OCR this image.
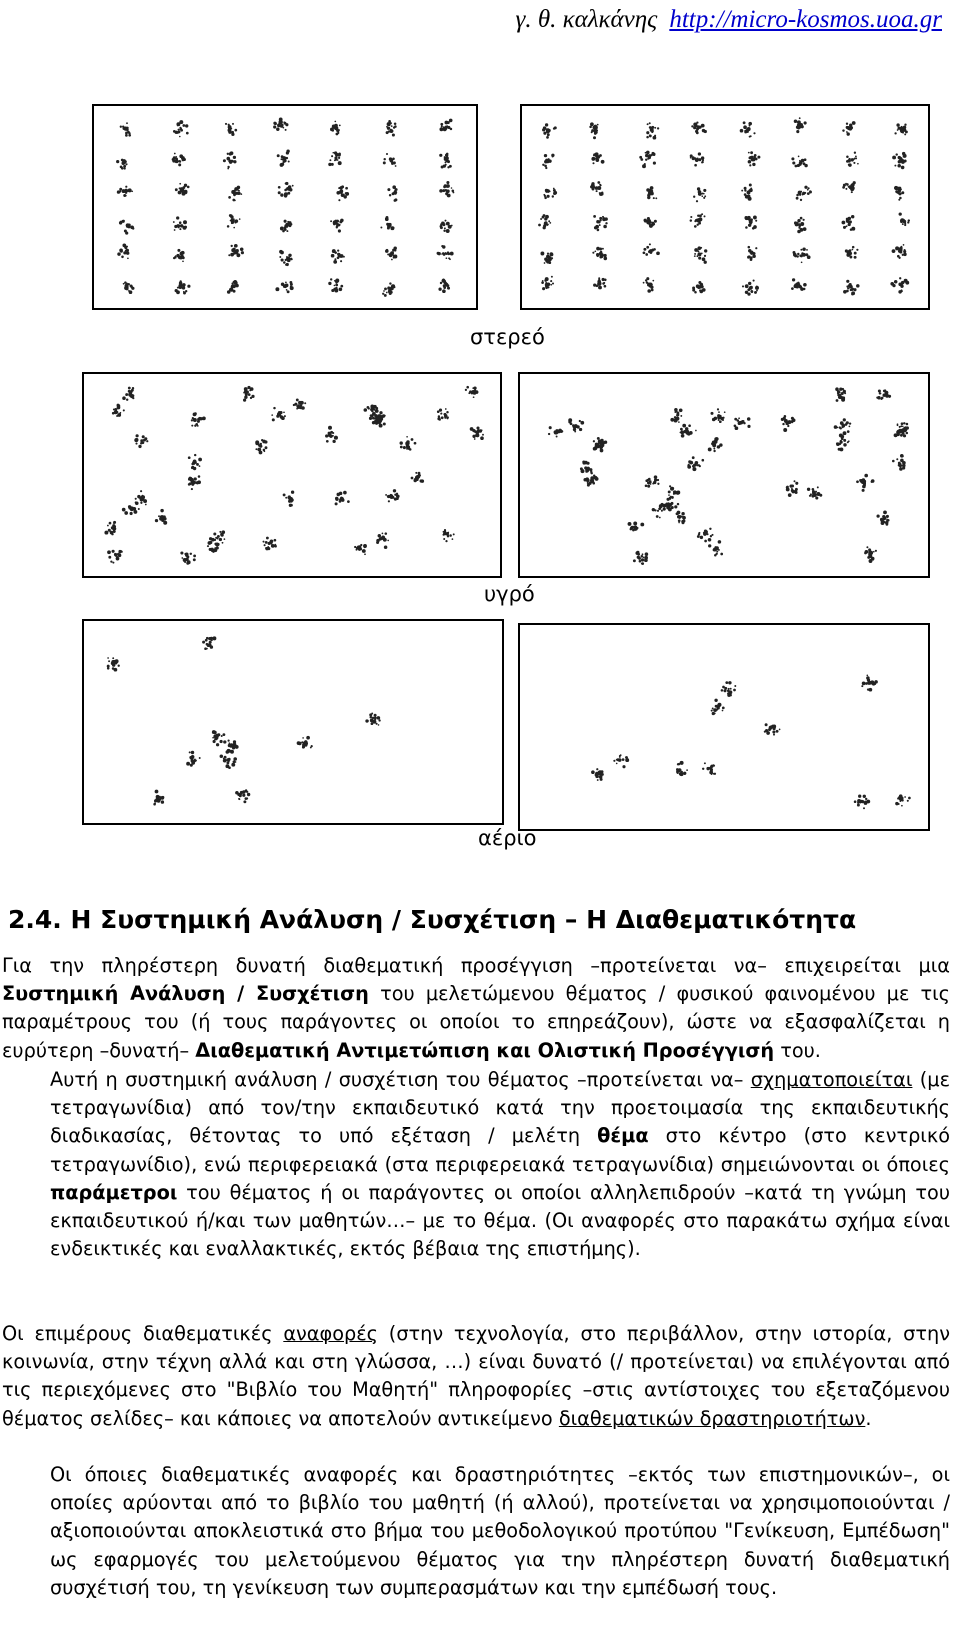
γ. θ. καλκάνης http://micro-kosmos.uoa.gr
στερεό
υγρό
αέριο
2.4. Η Συστημική Ανάλυση / Συσχέτιση – Η Διαθεματικότητα
Για την πληρέστερη δυνατή διαθεματική προσέγγιση –προτείνεται να– επιχειρείται μια Συστημική Ανάλυση / Συσχέτιση του μελετώμενου θέματος / φυσικού φαινομένου με τις παραμέτρους του (ή τους παράγοντες οι οποίοι το επηρεάζουν), ώστε να εξασφαλίζεται η ευρύτερη –δυνατή– Διαθεματική Αντιμετώπιση και Ολιστική Προσέγγισή του.
Αυτή η συστημική ανάλυση / συσχέτιση του θέματος –προτείνεται να– σχηματοποιείται (με τετραγωνίδια) από τον/την εκπαιδευτικό κατά την προετοιμασία της εκπαιδευτικής διαδικασίας, θέτοντας το υπό εξέταση / μελέτη θέμα στο κέντρο (στο κεντρικό τετραγωνίδιο), ενώ περιφερειακά (στα περιφερειακά τετραγωνίδια) σημειώνονται οι όποιες παράμετροι του θέματος ή οι παράγοντες οι οποίοι αλληλεπιδρούν –κατά τη γνώμη του εκπαιδευτικού ή/και των μαθητών…– με το θέμα. (Οι αναφορές στο παρακάτω σχήμα είναι ενδεικτικές και εναλλακτικές, εκτός βέβαια της επιστήμης).
Οι επιμέρους διαθεματικές αναφορές (στην τεχνολογία, στο περιβάλλον, στην ιστορία, στην κοινωνία, στην τέχνη αλλά και στη γλώσσα, …) είναι δυνατό (/ προτείνεται) να επιλέγονται από τις περιεχόμενες στο "Βιβλίο του Μαθητή" πληροφορίες –στις αντίστοιχες του εξεταζόμενου θέματος σελίδες– και κάποιες να αποτελούν αντικείμενο διαθεματικών δραστηριοτήτων.
Οι όποιες διαθεματικές αναφορές και δραστηριότητες –εκτός των επιστημονικών–, οι οποίες αρύονται από το βιβλίο του μαθητή (ή αλλού), προτείνεται να χρησιμοποιούνται / αξιοποιούνται αποκλειστικά στο βήμα του μεθοδολογικού προτύπου "Γενίκευση, Εμπέδωση" ως εφαρμογές του μελετούμενου θέματος για την πληρέστερη δυνατή διαθεματική συσχέτισή του, τη γενίκευση των συμπερασμάτων και την εμπέδωσή τους.
